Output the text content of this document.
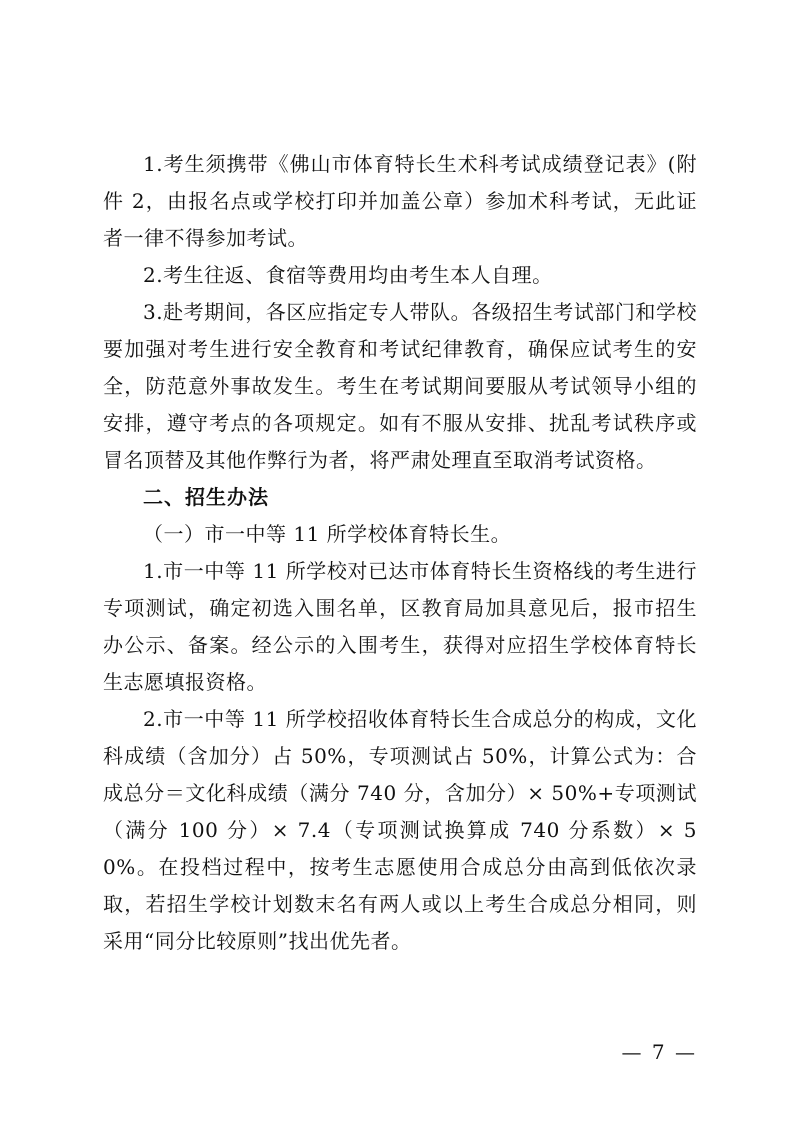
1.考生须携带《佛山市体育特长生术科考试成绩登记表》(附件 2，由报名点或学校打印并加盖公章）参加术科考试，无此证者一律不得参加考试。

2.考生往返、食宿等费用均由考生本人自理。

3.赴考期间，各区应指定专人带队。各级招生考试部门和学校要加强对考生进行安全教育和考试纪律教育，确保应试考生的安全，防范意外事故发生。考生在考试期间要服从考试领导小组的安排，遵守考点的各项规定。如有不服从安排、扰乱考试秩序或冒名顶替及其他作弊行为者，将严肃处理直至取消考试资格。

二、招生办法

（一）市一中等 11 所学校体育特长生。

1.市一中等 11 所学校对已达市体育特长生资格线的考生进行专项测试，确定初选入围名单，区教育局加具意见后，报市招生办公示、备案。经公示的入围考生，获得对应招生学校体育特长生志愿填报资格。

2.市一中等 11 所学校招收体育特长生合成总分的构成，文化科成绩（含加分）占 50%，专项测试占 50%，计算公式为：合成总分＝文化科成绩（满分 740 分，含加分）× 50%+专项测试（满分 100 分）× 7.4（专项测试换算成 740 分系数）× 50%。在投档过程中，按考生志愿使用合成总分由高到低依次录取，若招生学校计划数末名有两人或以上考生合成总分相同，则采用“同分比较原则”找出优先者。

— 7 —
